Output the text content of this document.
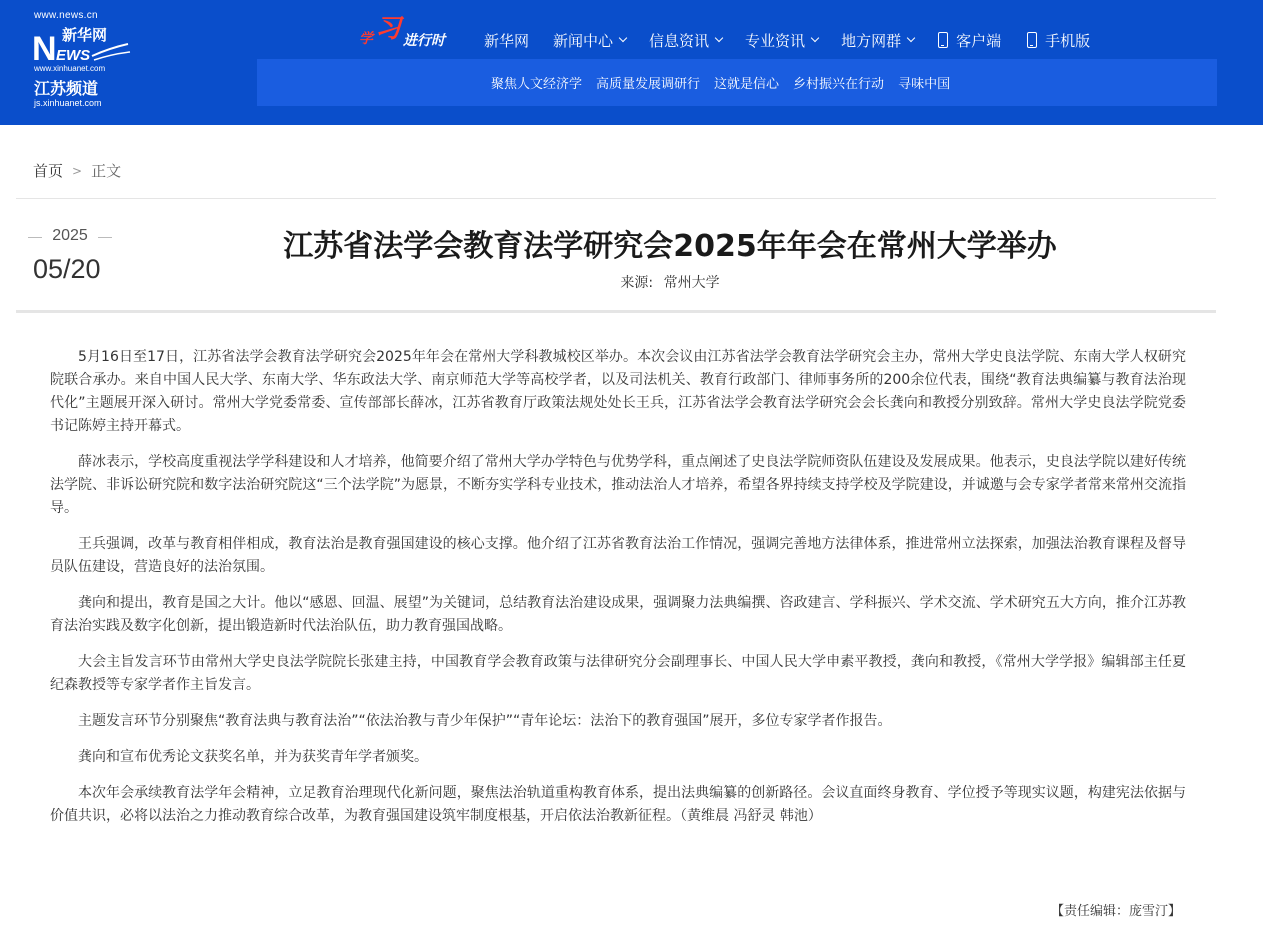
www.news.cn
N EWS
新华网
www.xinhuanet.com
江苏频道
js.xinhuanet.com
学 习 进行时	新华网 新闻中心 信息资讯 专业资讯 地方网群	客户端	手机版
聚焦人文经济学 高质量发展调研行 这就是信心 乡村振兴在行动 寻味中国
首页 > 正文
2025
05/20
江苏省法学会教育法学研究会2025年年会在常州大学举办
来源: 常州大学

5月16日至17日，江苏省法学会教育法学研究会2025年年会在常州大学科教城校区举办。本次会议由江苏省法学会教育法学研究会主办，常州大学史良法学院、东南大学人权研究院联合承办。来自中国人民大学、东南大学、华东政法大学、南京师范大学等高校学者，以及司法机关、教育行政部门、律师事务所的200余位代表，围绕“教育法典编纂与教育法治现代化”主题展开深入研讨。常州大学党委常委、宣传部部长薛冰，江苏省教育厅政策法规处处长王兵，江苏省法学会教育法学研究会会长龚向和教授分别致辞。常州大学史良法学院党委书记陈婷主持开幕式。

薛冰表示，学校高度重视法学学科建设和人才培养，他简要介绍了常州大学办学特色与优势学科，重点阐述了史良法学院师资队伍建设及发展成果。他表示，史良法学院以建好传统法学院、非诉讼研究院和数字法治研究院这“三个法学院”为愿景，不断夯实学科专业技术，推动法治人才培养，希望各界持续支持学校及学院建设，并诚邀与会专家学者常来常州交流指导。

王兵强调，改革与教育相伴相成，教育法治是教育强国建设的核心支撑。他介绍了江苏省教育法治工作情况，强调完善地方法律体系，推进常州立法探索，加强法治教育课程及督导员队伍建设，营造良好的法治氛围。

龚向和提出，教育是国之大计。他以“感恩、回温、展望”为关键词，总结教育法治建设成果，强调聚力法典编撰、咨政建言、学科振兴、学术交流、学术研究五大方向，推介江苏教育法治实践及数字化创新，提出锻造新时代法治队伍，助力教育强国战略。

大会主旨发言环节由常州大学史良法学院院长张建主持，中国教育学会教育政策与法律研究分会副理事长、中国人民大学申素平教授，龚向和教授，《常州大学学报》编辑部主任夏纪森教授等专家学者作主旨发言。

主题发言环节分别聚焦“教育法典与教育法治”“依法治教与青少年保护”“青年论坛：法治下的教育强国”展开，多位专家学者作报告。

龚向和宣布优秀论文获奖名单，并为获奖青年学者颁奖。

本次年会承续教育法学年会精神，立足教育治理现代化新问题，聚焦法治轨道重构教育体系，提出法典编纂的创新路径。会议直面终身教育、学位授予等现实议题，构建宪法依据与价值共识，必将以法治之力推动教育综合改革，为教育强国建设筑牢制度根基，开启依法治教新征程。（黄维晨 冯舒灵 韩池）

【责任编辑：庞雪汀】
